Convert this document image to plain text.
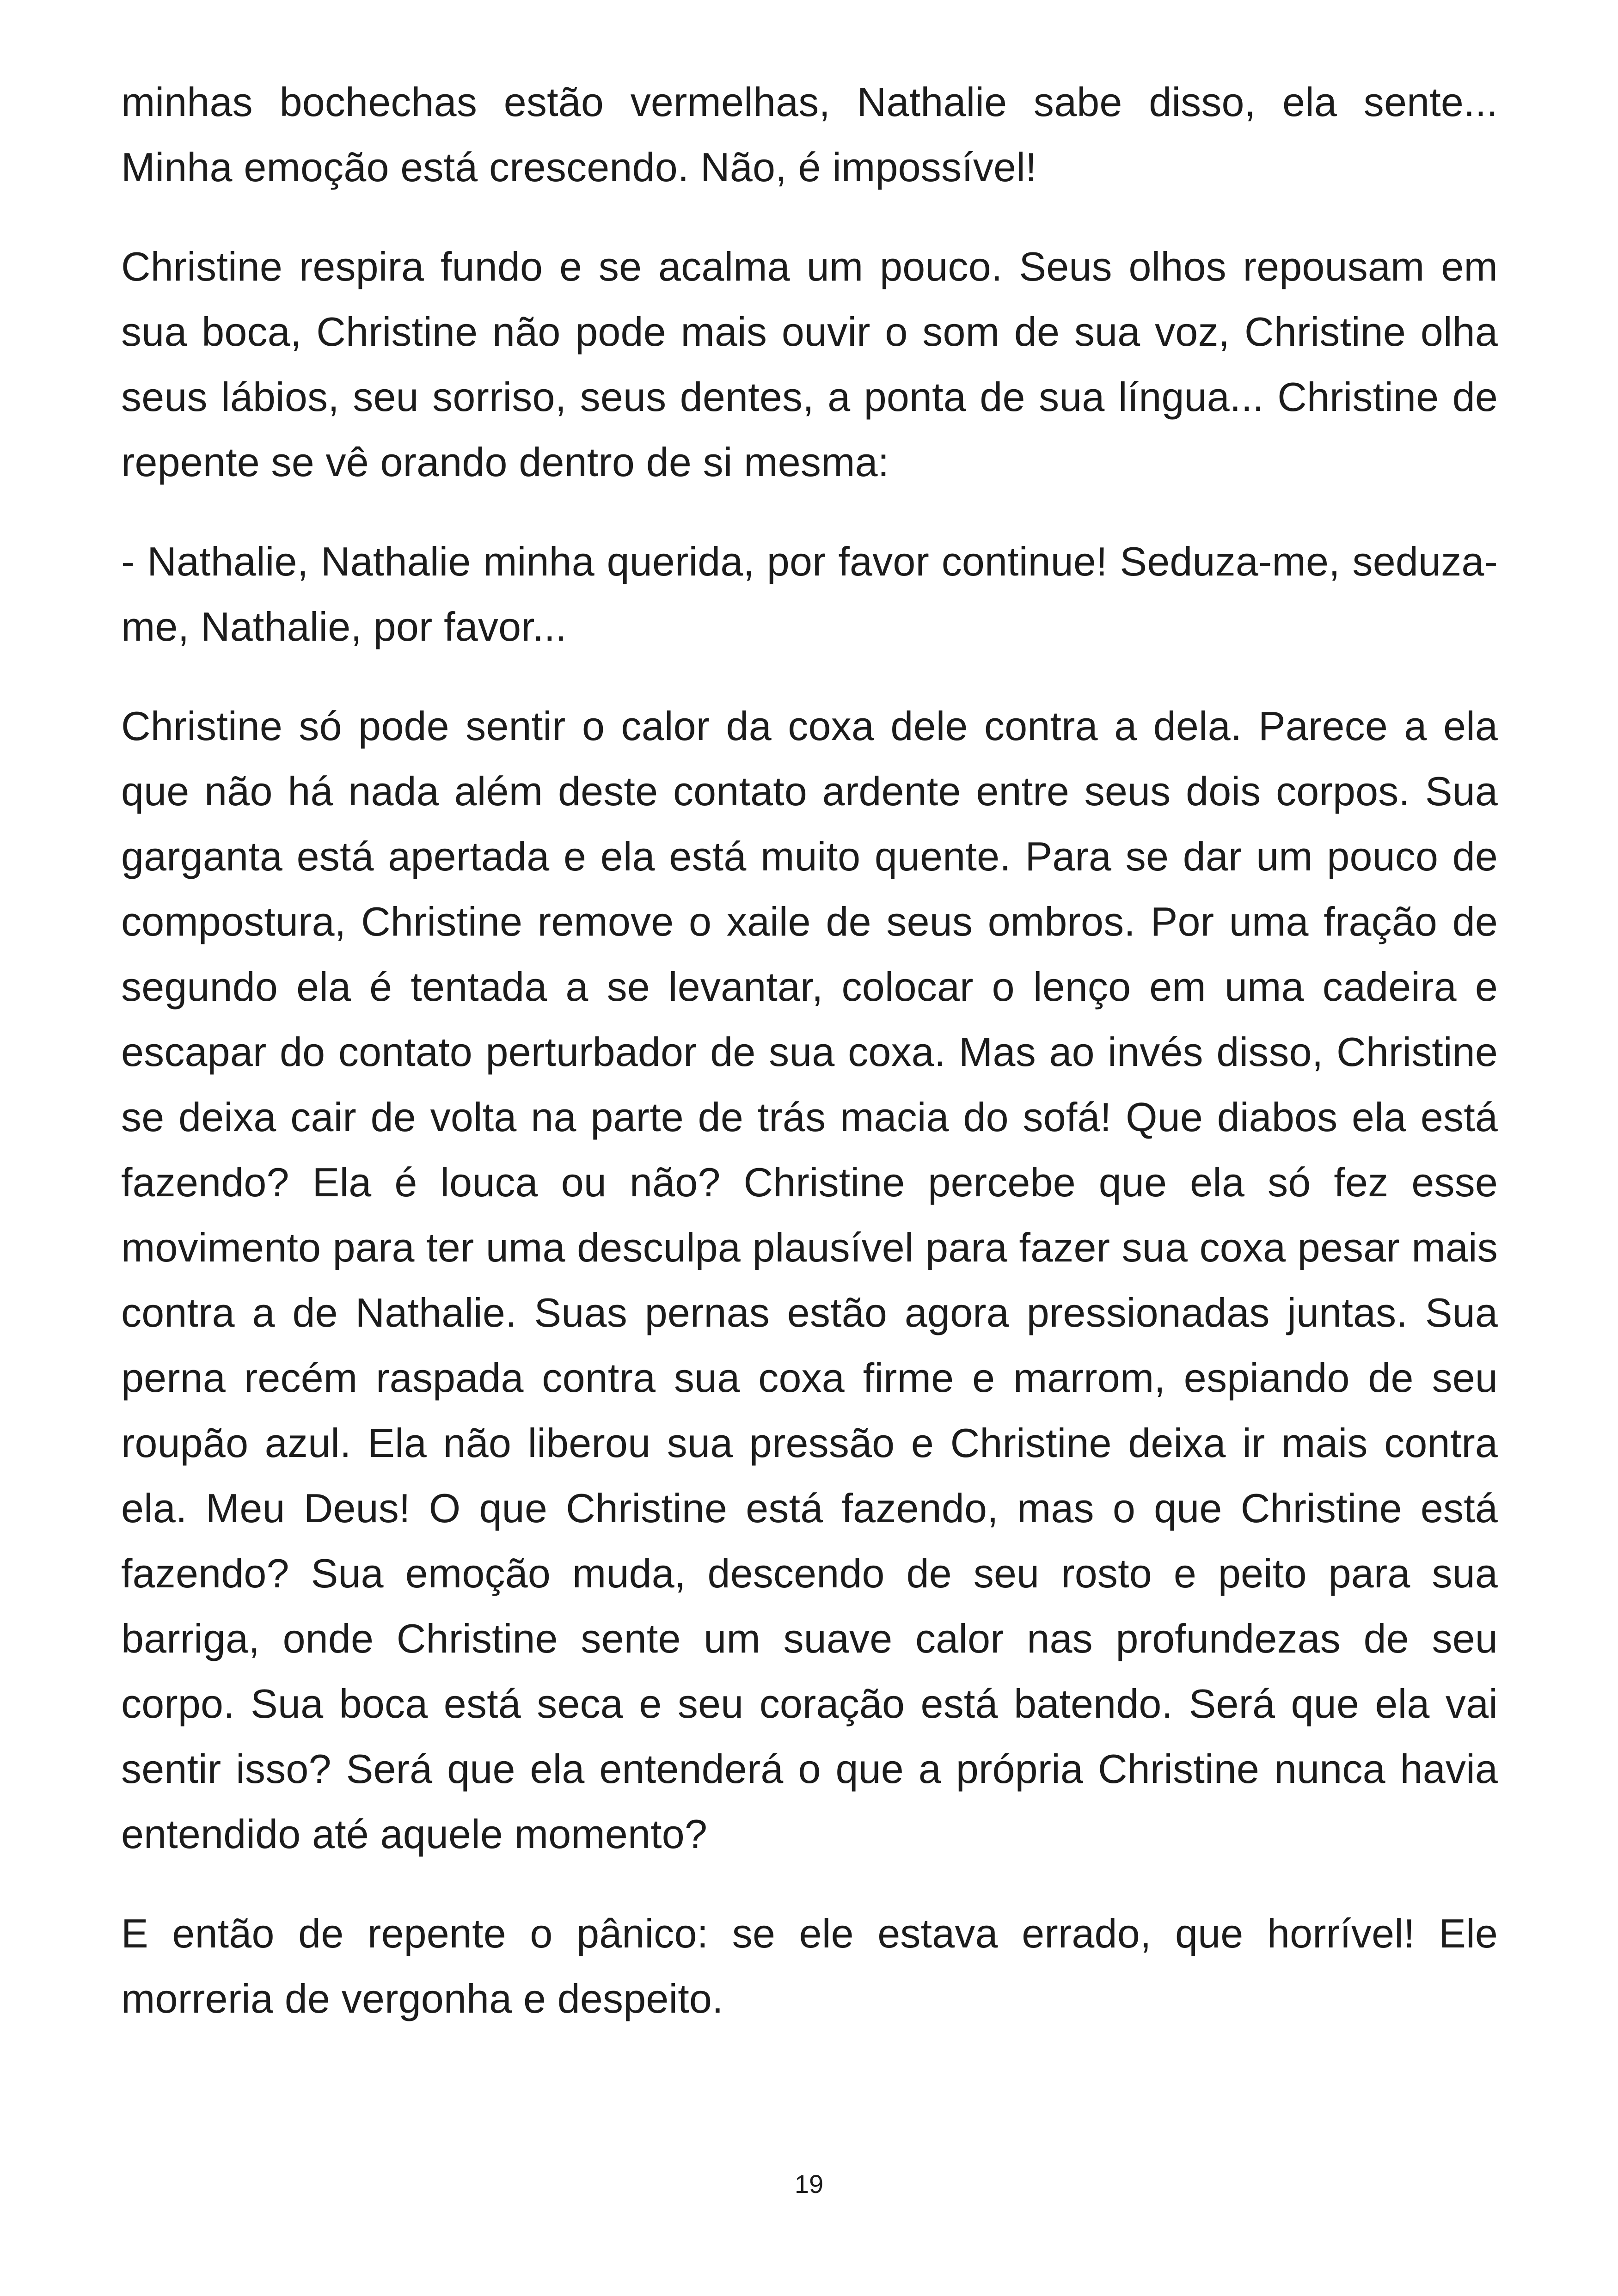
minhas bochechas estão vermelhas, Nathalie sabe disso, ela sente... Minha emoção está crescendo. Não, é impossível!

Christine respira fundo e se acalma um pouco. Seus olhos repousam em sua boca, Christine não pode mais ouvir o som de sua voz, Christine olha seus lábios, seu sorriso, seus dentes, a ponta de sua língua... Christine de repente se vê orando dentro de si mesma:

- Nathalie, Nathalie minha querida, por favor continue! Seduza-me, seduza-me, Nathalie, por favor...

Christine só pode sentir o calor da coxa dele contra a dela. Parece a ela que não há nada além deste contato ardente entre seus dois corpos. Sua garganta está apertada e ela está muito quente. Para se dar um pouco de compostura, Christine remove o xaile de seus ombros. Por uma fração de segundo ela é tentada a se levantar, colocar o lenço em uma cadeira e escapar do contato perturbador de sua coxa. Mas ao invés disso, Christine se deixa cair de volta na parte de trás macia do sofá! Que diabos ela está fazendo? Ela é louca ou não? Christine percebe que ela só fez esse movimento para ter uma desculpa plausível para fazer sua coxa pesar mais contra a de Nathalie. Suas pernas estão agora pressionadas juntas. Sua perna recém raspada contra sua coxa firme e marrom, espiando de seu roupão azul. Ela não liberou sua pressão e Christine deixa ir mais contra ela. Meu Deus! O que Christine está fazendo, mas o que Christine está fazendo? Sua emoção muda, descendo de seu rosto e peito para sua barriga, onde Christine sente um suave calor nas profundezas de seu corpo. Sua boca está seca e seu coração está batendo. Será que ela vai sentir isso? Será que ela entenderá o que a própria Christine nunca havia entendido até aquele momento?

E então de repente o pânico: se ele estava errado, que horrível! Ele morreria de vergonha e despeito.

19
